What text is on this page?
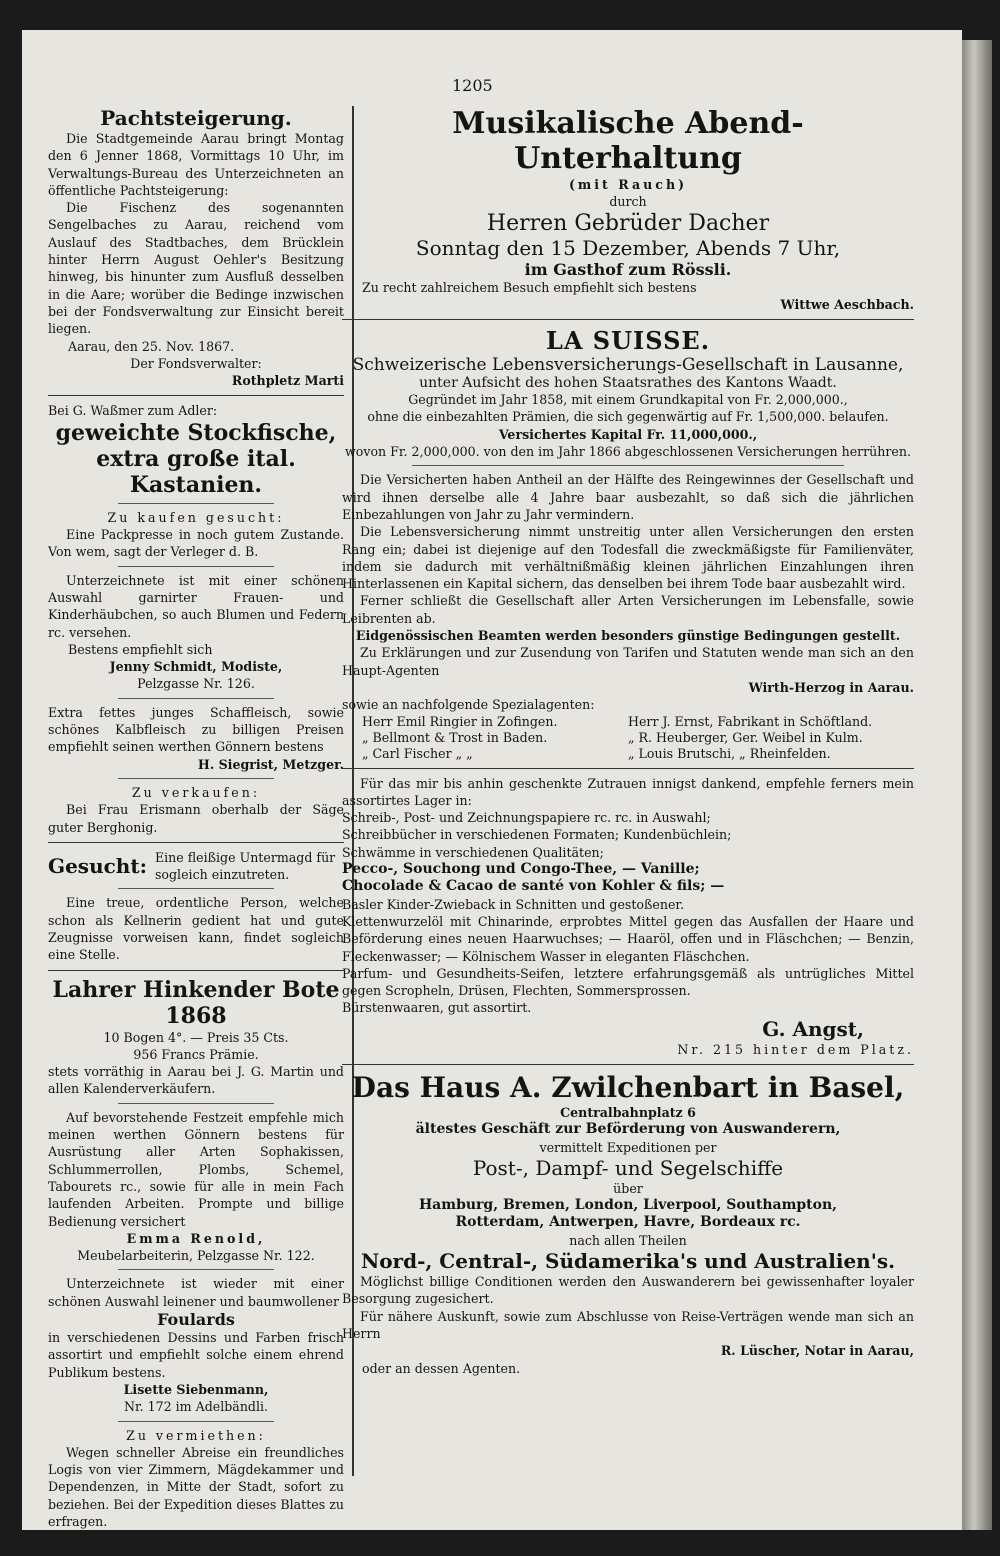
1205

Pachtsteigerung.

Die Stadtgemeinde Aarau bringt Montag den 6 Jenner 1868, Vormittags 10 Uhr, im Verwaltungs-Bureau des Unterzeichneten an öffentliche Pachtsteigerung:

Die Fischenz des sogenannten Sengelbaches zu Aarau, reichend vom Auslauf des Stadtbaches, dem Brücklein hinter Herrn August Oehler's Besitzung hinweg, bis hinunter zum Ausfluß desselben in die Aare; worüber die Bedinge inzwischen bei der Fondsverwaltung zur Einsicht bereit liegen.

Aarau, den 25. Nov. 1867.

Der Fondsverwalter:

Rothpletz Marti

Bei G. Waßmer zum Adler:

geweichte Stockfische,

extra große ital. Kastanien.

Zu kaufen gesucht:

Eine Packpresse in noch gutem Zustande. Von wem, sagt der Verleger d. B.

Unterzeichnete ist mit einer schönen Auswahl garnirter Frauen- und Kinderhäubchen, so auch Blumen und Federn rc. versehen.

Bestens empfiehlt sich

Jenny Schmidt, Modiste,

Pelzgasse Nr. 126.

Extra fettes junges Schaffleisch, sowie schönes Kalbfleisch zu billigen Preisen empfiehlt seinen werthen Gönnern bestens

H. Siegrist, Metzger.

Zu verkaufen:

Bei Frau Erismann oberhalb der Säge guter Berghonig.

Gesucht: Eine fleißige Untermagd für sogleich einzutreten.

Eine treue, ordentliche Person, welche schon als Kellnerin gedient hat und gute Zeugnisse vorweisen kann, findet sogleich eine Stelle.

Lahrer Hinkender Bote 1868

10 Bogen 4°. — Preis 35 Cts.

956 Francs Prämie.

stets vorräthig in Aarau bei J. G. Martin und allen Kalenderverkäufern.

Auf bevorstehende Festzeit empfehle mich meinen werthen Gönnern bestens für Ausrüstung aller Arten Sophakissen, Schlummerrollen, Plombs, Schemel, Tabourets rc., sowie für alle in mein Fach laufenden Arbeiten. Prompte und billige Bedienung versichert

Emma Renold,

Meubelarbeiterin, Pelzgasse Nr. 122.

Unterzeichnete ist wieder mit einer schönen Auswahl leinener und baumwollener

Foulards

in verschiedenen Dessins und Farben frisch assortirt und empfiehlt solche einem ehrend Publikum bestens.

Lisette Siebenmann,

Nr. 172 im Adelbändli.

Zu vermiethen:

Wegen schneller Abreise ein freundliches Logis von vier Zimmern, Mägdekammer und Dependenzen, in Mitte der Stadt, sofort zu beziehen. Bei der Expedition dieses Blattes zu erfragen.

Musikalische Abend-Unterhaltung

(mit Rauch)

durch

Herren Gebrüder Dacher

Sonntag den 15 Dezember, Abends 7 Uhr,

im Gasthof zum Rössli.

Zu recht zahlreichem Besuch empfiehlt sich bestens

Wittwe Aeschbach.

LA SUISSE.

Schweizerische Lebensversicherungs-Gesellschaft in Lausanne,

unter Aufsicht des hohen Staatsrathes des Kantons Waadt.

Gegründet im Jahr 1858, mit einem Grundkapital von Fr. 2,000,000.,

ohne die einbezahlten Prämien, die sich gegenwärtig auf Fr. 1,500,000. belaufen.

Versichertes Kapital Fr. 11,000,000.,

wovon Fr. 2,000,000. von den im Jahr 1866 abgeschlossenen Versicherungen herrühren.

Die Versicherten haben Antheil an der Hälfte des Reingewinnes der Gesellschaft und wird ihnen derselbe alle 4 Jahre baar ausbezahlt, so daß sich die jährlichen Einbezahlungen von Jahr zu Jahr vermindern.

Die Lebensversicherung nimmt unstreitig unter allen Versicherungen den ersten Rang ein; dabei ist diejenige auf den Todesfall die zweckmäßigste für Familienväter, indem sie dadurch mit verhältnißmäßig kleinen jährlichen Einzahlungen ihren Hinterlassenen ein Kapital sichern, das denselben bei ihrem Tode baar ausbezahlt wird.

Ferner schließt die Gesellschaft aller Arten Versicherungen im Lebensfalle, sowie Leibrenten ab.

Eidgenössischen Beamten werden besonders günstige Bedingungen gestellt.

Zu Erklärungen und zur Zusendung von Tarifen und Statuten wende man sich an den Haupt-Agenten

Wirth-Herzog in Aarau.

sowie an nachfolgende Spezialagenten:

Herr Emil Ringier in Zofingen.

„ Bellmont & Trost in Baden.

„ Carl Fischer „ „

Herr J. Ernst, Fabrikant in Schöftland.

„ R. Heuberger, Ger. Weibel in Kulm.

„ Louis Brutschi, „ Rheinfelden.

Für das mir bis anhin geschenkte Zutrauen innigst dankend, empfehle ferners mein assortirtes Lager in:

Schreib-, Post- und Zeichnungspapiere rc. rc. in Auswahl;

Schreibbücher in verschiedenen Formaten; Kundenbüchlein;

Schwämme in verschiedenen Qualitäten;

Pecco-, Souchong und Congo-Thee, — Vanille;

Chocolade & Cacao de santé von Kohler & fils; —

Basler Kinder-Zwieback in Schnitten und gestoßener.

Klettenwurzelöl mit Chinarinde, erprobtes Mittel gegen das Ausfallen der Haare und Beförderung eines neuen Haarwuchses; — Haaröl, offen und in Fläschchen; — Benzin, Fleckenwasser; — Kölnischem Wasser in eleganten Fläschchen.

Parfum- und Gesundheits-Seifen, letztere erfahrungsgemäß als untrügliches Mittel gegen Scropheln, Drüsen, Flechten, Sommersprossen.

Bürstenwaaren, gut assortirt.

G. Angst,

Nr. 215 hinter dem Platz.

Das Haus A. Zwilchenbart in Basel,

Centralbahnplatz 6

ältestes Geschäft zur Beförderung von Auswanderern,

vermittelt Expeditionen per

Post-, Dampf- und Segelschiffe

über

Hamburg, Bremen, London, Liverpool, Southampton,

Rotterdam, Antwerpen, Havre, Bordeaux rc.

nach allen Theilen

Nord-, Central-, Südamerika's und Australien's.

Möglichst billige Conditionen werden den Auswanderern bei gewissenhafter loyaler Besorgung zugesichert.

Für nähere Auskunft, sowie zum Abschlusse von Reise-Verträgen wende man sich an Herrn

R. Lüscher, Notar in Aarau,

oder an dessen Agenten.
